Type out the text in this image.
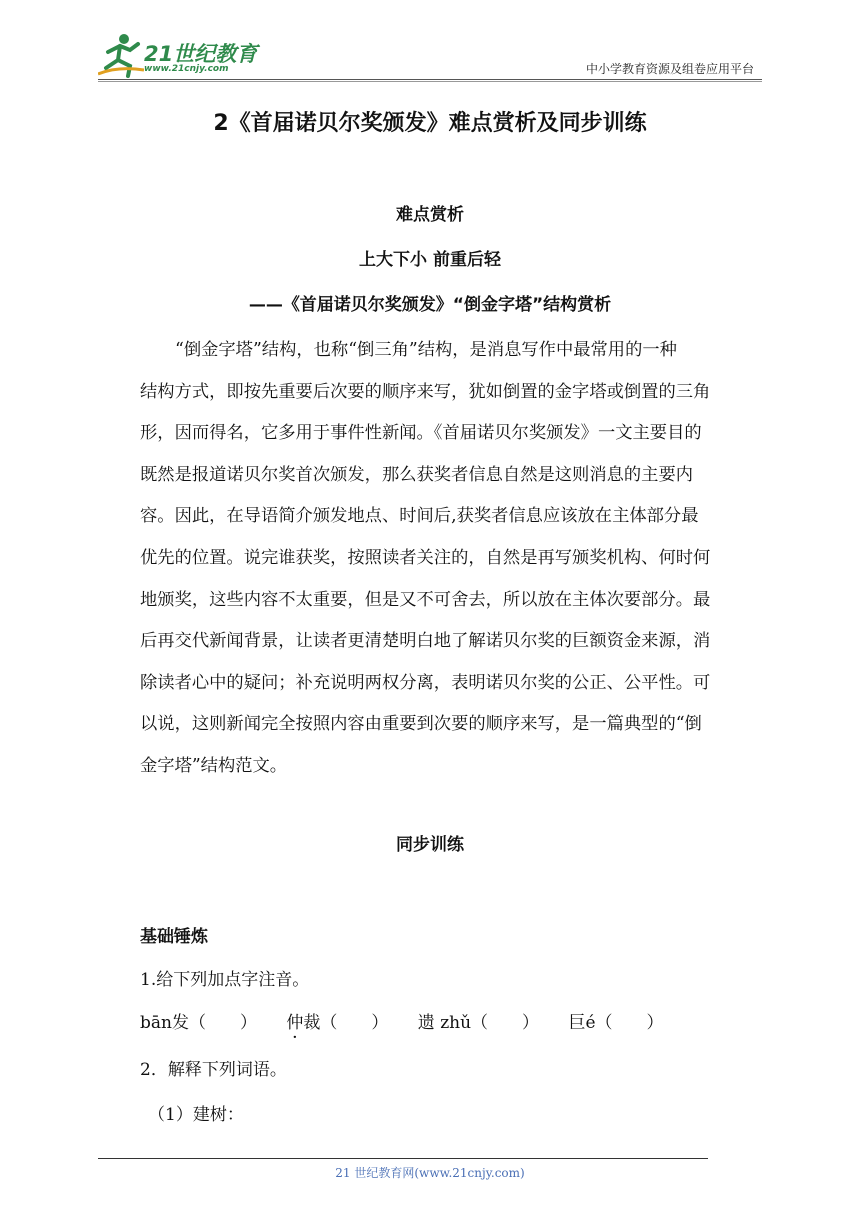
21世纪教育
www.21cnjy.com	中小学教育资源及组卷应用平台
2《首届诺贝尔奖颁发》难点赏析及同步训练
难点赏析
上大下小 前重后轻
——《首届诺贝尔奖颁发》“倒金字塔”结构赏析
“倒金字塔”结构，也称“倒三角”结构，是消息写作中最常用的一种
结构方式，即按先重要后次要的顺序来写，犹如倒置的金字塔或倒置的三角
形，因而得名，它多用于事件性新闻。《首届诺贝尔奖颁发》一文主要目的
既然是报道诺贝尔奖首次颁发，那么获奖者信息自然是这则消息的主要内
容。因此，在导语简介颁发地点、时间后,获奖者信息应该放在主体部分最
优先的位置。说完谁获奖，按照读者关注的，自然是再写颁奖机构、何时何
地颁奖，这些内容不太重要，但是又不可舍去，所以放在主体次要部分。最
后再交代新闻背景，让读者更清楚明白地了解诺贝尔奖的巨额资金来源，消
除读者心中的疑问；补充说明两权分离，表明诺贝尔奖的公正、公平性。可
以说，这则新闻完全按照内容由重要到次要的顺序来写，是一篇典型的“倒
金字塔”结构范文。
同步训练
基础锤炼
1.给下列加点字注音。
bān发（　　） 仲裁（　　） 遗 zhǔ（　　） 巨é（　　）
2．解释下列词语。
（1）建树：
21 世纪教育网(www.21cnjy.com)
